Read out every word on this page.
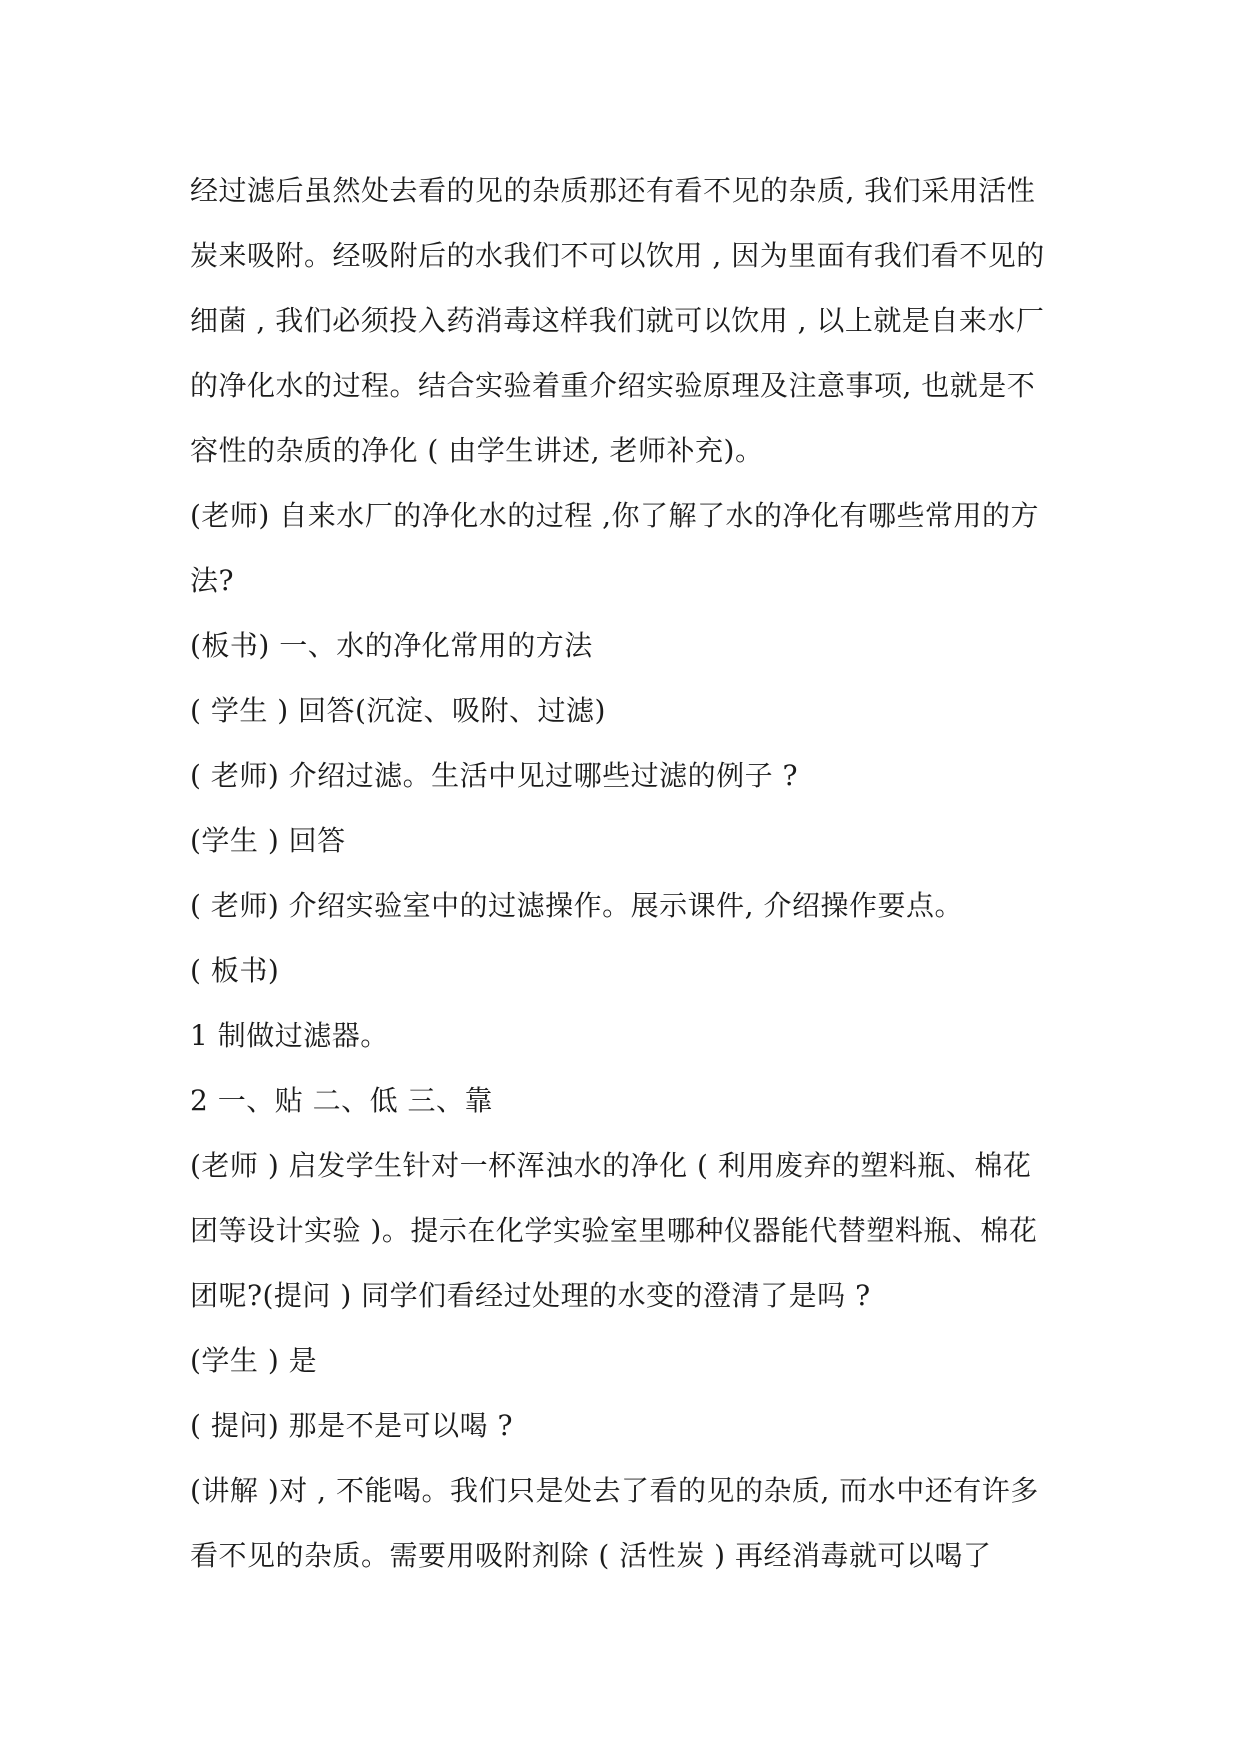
经过滤后虽然处去看的见的杂质那还有看不见的杂质, 我们采用活性
炭来吸附。经吸附后的水我们不可以饮用 , 因为里面有我们看不见的
细菌 , 我们必须投入药消毒这样我们就可以饮用 , 以上就是自来水厂
的净化水的过程。结合实验着重介绍实验原理及注意事项, 也就是不
容性的杂质的净化 ( 由学生讲述, 老师补充)。
(老师) 自来水厂的净化水的过程 ,你了解了水的净化有哪些常用的方
法?
(板书) 一、水的净化常用的方法
( 学生 ) 回答(沉淀、吸附、过滤)
( 老师) 介绍过滤。生活中见过哪些过滤的例子 ?
(学生 ) 回答
( 老师) 介绍实验室中的过滤操作。展示课件, 介绍操作要点。
( 板书)
1 制做过滤器。
2 一、贴 二、低 三、靠
(老师 ) 启发学生针对一杯浑浊水的净化 ( 利用废弃的塑料瓶、棉花
团等设计实验 )。提示在化学实验室里哪种仪器能代替塑料瓶、棉花
团呢?(提问 ) 同学们看经过处理的水变的澄清了是吗 ?
(学生 ) 是
( 提问) 那是不是可以喝 ?
(讲解 )对 , 不能喝。我们只是处去了看的见的杂质, 而水中还有许多
看不见的杂质。需要用吸附剂除 ( 活性炭 ) 再经消毒就可以喝了
